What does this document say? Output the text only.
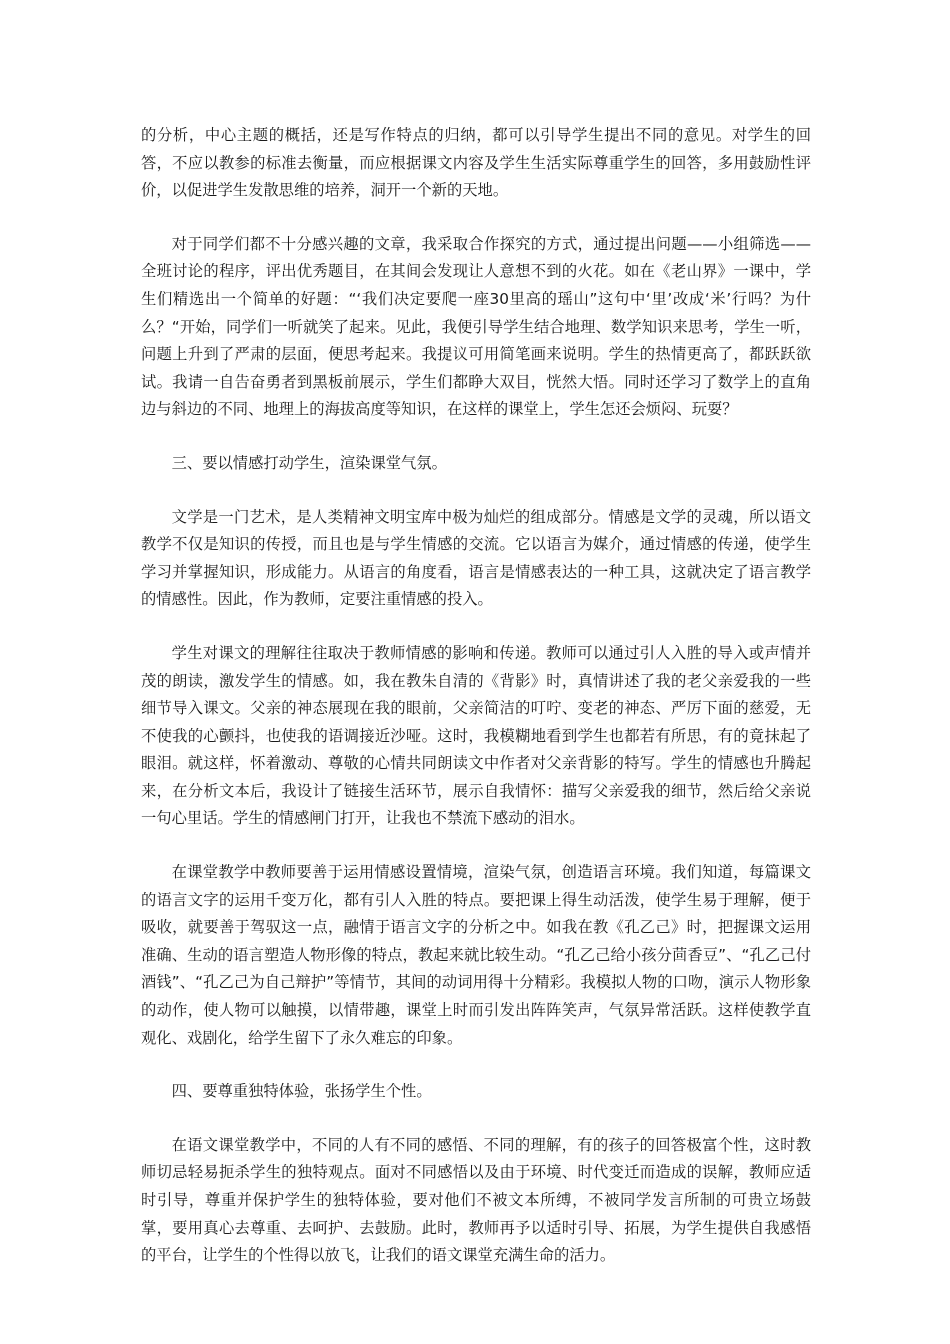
的分析，中心主题的概括，还是写作特点的归纳，都可以引导学生提出不同的意见。对学生的回答，不应以教参的标准去衡量，而应根据课文内容及学生生活实际尊重学生的回答，多用鼓励性评价，以促进学生发散思维的培养，洞开一个新的天地。

对于同学们都不十分感兴趣的文章，我采取合作探究的方式，通过提出问题——小组筛选——全班讨论的程序，评出优秀题目，在其间会发现让人意想不到的火花。如在《老山界》一课中，学生们精选出一个简单的好题：“‘我们决定要爬一座30里高的瑶山”这句中‘里’改成‘米’行吗？为什么？“开始，同学们一听就笑了起来。见此，我便引导学生结合地理、数学知识来思考，学生一听，问题上升到了严肃的层面，便思考起来。我提议可用简笔画来说明。学生的热情更高了，都跃跃欲试。我请一自告奋勇者到黑板前展示，学生们都睁大双目，恍然大悟。同时还学习了数学上的直角边与斜边的不同、地理上的海拔高度等知识，在这样的课堂上，学生怎还会烦闷、玩耍？

三、要以情感打动学生，渲染课堂气氛。

文学是一门艺术，是人类精神文明宝库中极为灿烂的组成部分。情感是文学的灵魂，所以语文教学不仅是知识的传授，而且也是与学生情感的交流。它以语言为媒介，通过情感的传递，使学生学习并掌握知识，形成能力。从语言的角度看，语言是情感表达的一种工具，这就决定了语言教学的情感性。因此，作为教师，定要注重情感的投入。

学生对课文的理解往往取决于教师情感的影响和传递。教师可以通过引人入胜的导入或声情并茂的朗读，激发学生的情感。如，我在教朱自清的《背影》时，真情讲述了我的老父亲爱我的一些细节导入课文。父亲的神态展现在我的眼前，父亲简洁的叮咛、变老的神态、严厉下面的慈爱，无不使我的心颤抖，也使我的语调接近沙哑。这时，我模糊地看到学生也都若有所思，有的竟抹起了眼泪。就这样，怀着激动、尊敬的心情共同朗读文中作者对父亲背影的特写。学生的情感也升腾起来，在分析文本后，我设计了链接生活环节，展示自我情怀：描写父亲爱我的细节，然后给父亲说一句心里话。学生的情感闸门打开，让我也不禁流下感动的泪水。

在课堂教学中教师要善于运用情感设置情境，渲染气氛，创造语言环境。我们知道，每篇课文的语言文字的运用千变万化，都有引人入胜的特点。要把课上得生动活泼，使学生易于理解，便于吸收，就要善于驾驭这一点，融情于语言文字的分析之中。如我在教《孔乙己》时，把握课文运用准确、生动的语言塑造人物形像的特点，教起来就比较生动。“孔乙己给小孩分茴香豆”、“孔乙己付酒钱”、“孔乙己为自己辩护”等情节，其间的动词用得十分精彩。我模拟人物的口吻，演示人物形象的动作，使人物可以触摸，以情带趣，课堂上时而引发出阵阵笑声，气氛异常活跃。这样使教学直观化、戏剧化，给学生留下了永久难忘的印象。

四、要尊重独特体验，张扬学生个性。

在语文课堂教学中，不同的人有不同的感悟、不同的理解，有的孩子的回答极富个性，这时教师切忌轻易扼杀学生的独特观点。面对不同感悟以及由于环境、时代变迁而造成的误解，教师应适时引导，尊重并保护学生的独特体验，要对他们不被文本所缚，不被同学发言所制的可贵立场鼓掌，要用真心去尊重、去呵护、去鼓励。此时，教师再予以适时引导、拓展，为学生提供自我感悟的平台，让学生的个性得以放飞，让我们的语文课堂充满生命的活力。
